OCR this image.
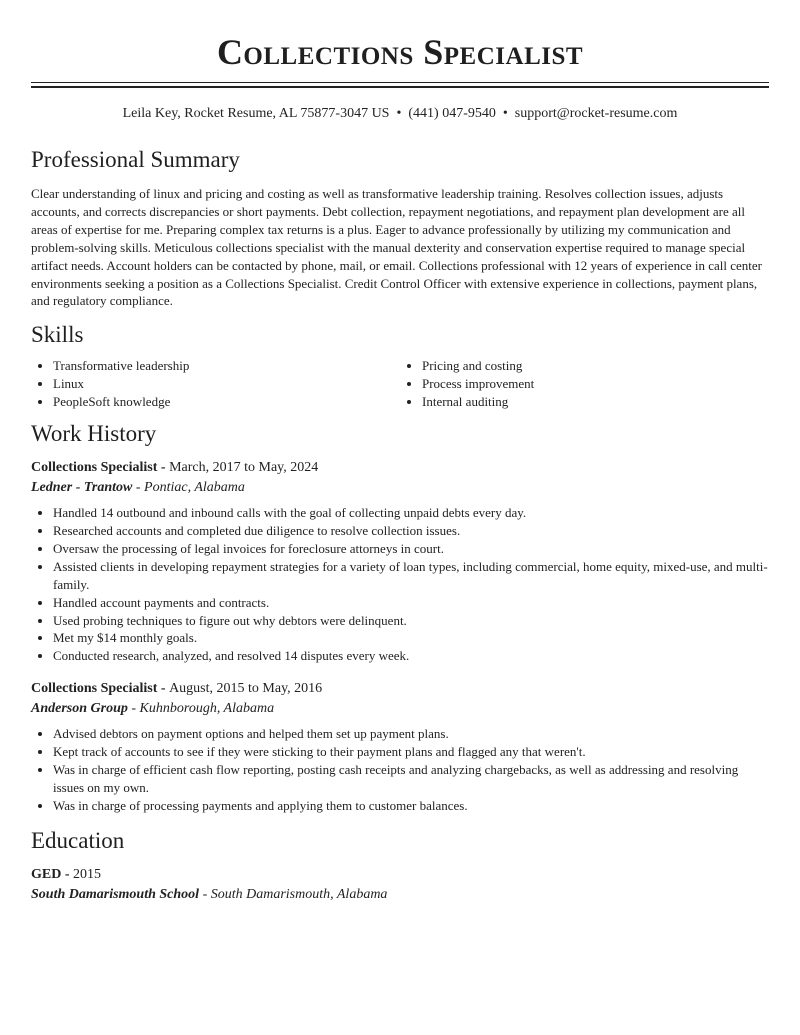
Collections Specialist
Leila Key, Rocket Resume, AL 75877-3047 US • (441) 047-9540 • support@rocket-resume.com
Professional Summary

Clear understanding of linux and pricing and costing as well as transformative leadership training. Resolves collection issues, adjusts accounts, and corrects discrepancies or short payments. Debt collection, repayment negotiations, and repayment plan development are all areas of expertise for me. Preparing complex tax returns is a plus. Eager to advance professionally by utilizing my communication and problem-solving skills. Meticulous collections specialist with the manual dexterity and conservation expertise required to manage special artifact needs. Account holders can be contacted by phone, mail, or email. Collections professional with 12 years of experience in call center environments seeking a position as a Collections Specialist. Credit Control Officer with extensive experience in collections, payment plans, and regulatory compliance.

Skills
• Transformative leadership
• Linux
• PeopleSoft knowledge
• Pricing and costing
• Process improvement
• Internal auditing
Work History
Collections Specialist - March, 2017 to May, 2024
Ledner - Trantow - Pontiac, Alabama
• Handled 14 outbound and inbound calls with the goal of collecting unpaid debts every day.
• Researched accounts and completed due diligence to resolve collection issues.
• Oversaw the processing of legal invoices for foreclosure attorneys in court.
• Assisted clients in developing repayment strategies for a variety of loan types, including commercial, home equity, mixed-use, and multi-family.
• Handled account payments and contracts.
• Used probing techniques to figure out why debtors were delinquent.
• Met my $14 monthly goals.
• Conducted research, analyzed, and resolved 14 disputes every week.
Collections Specialist - August, 2015 to May, 2016
Anderson Group - Kuhnborough, Alabama
• Advised debtors on payment options and helped them set up payment plans.
• Kept track of accounts to see if they were sticking to their payment plans and flagged any that weren't.
• Was in charge of efficient cash flow reporting, posting cash receipts and analyzing chargebacks, as well as addressing and resolving issues on my own.
• Was in charge of processing payments and applying them to customer balances.
Education
GED - 2015
South Damarismouth School - South Damarismouth, Alabama
